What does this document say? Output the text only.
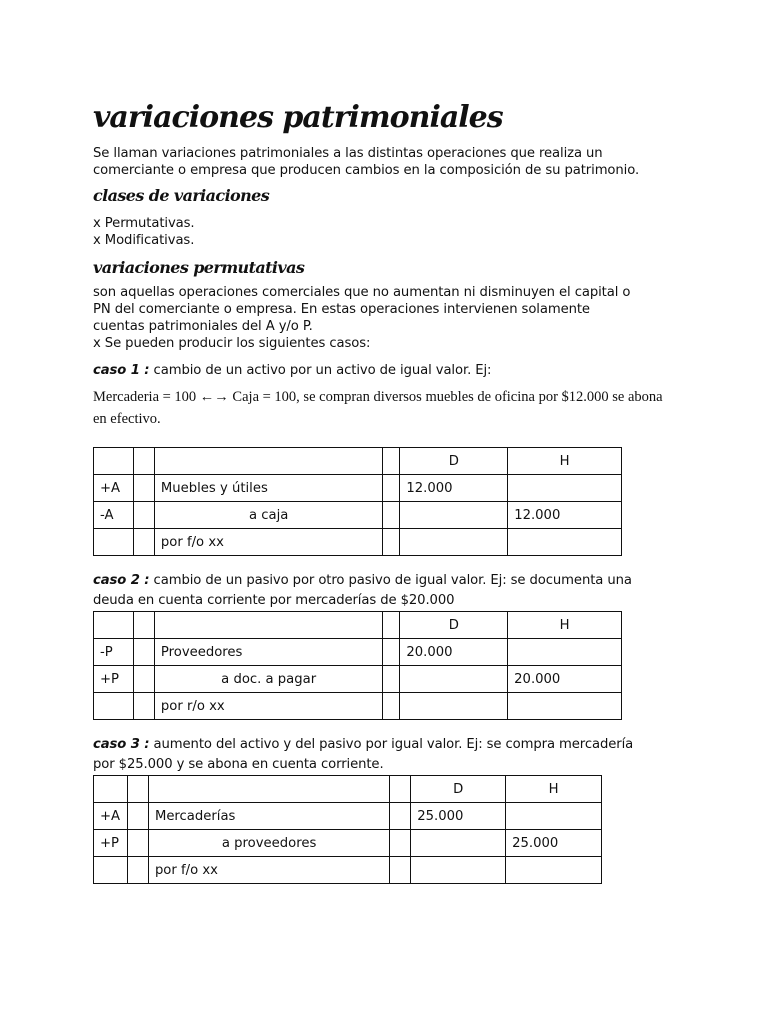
variaciones patrimoniales

Se llaman variaciones patrimoniales a las distintas operaciones que realiza un

comerciante o empresa que producen cambios en la composición de su patrimonio.

clases de variaciones

x Permutativas.

x Modificativas.

variaciones permutativas

son aquellas operaciones comerciales que no aumentan ni disminuyen el capital o

PN del comerciante o empresa. En estas operaciones intervienen solamente

cuentas patrimoniales del A y/o P.

x Se pueden producir los siguientes casos:

caso 1 : cambio de un activo por un activo de igual valor. Ej:

Mercaderia = 100 ←→ Caja = 100, se compran diversos muebles de oficina por $12.000 se abona

en efectivo.

				D	H
+A		Muebles y útiles		12.000	
-A		a caja			12.000
		por f/o xx			

caso 2 : cambio de un pasivo por otro pasivo de igual valor. Ej: se documenta una

deuda en cuenta corriente por mercaderías de $20.000

				D	H
-P		Proveedores		20.000	
+P		a doc. a pagar			20.000
		por r/o xx			

caso 3 : aumento del activo y del pasivo por igual valor. Ej: se compra mercadería

por $25.000 y se abona en cuenta corriente.

				D	H
+A		Mercaderías		25.000	
+P		a proveedores			25.000
		por f/o xx			
